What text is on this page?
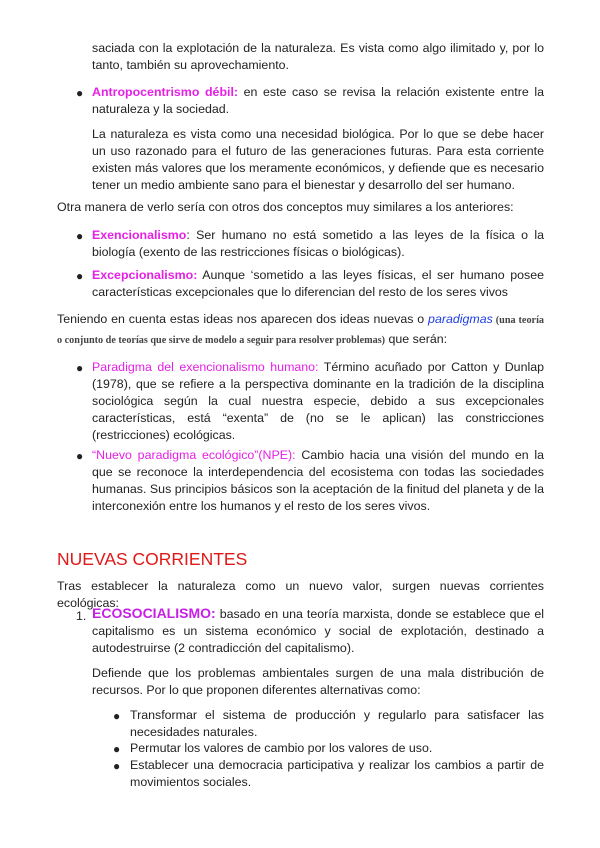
saciada con la explotación de la naturaleza. Es vista como algo ilimitado y, por lo tanto, también su aprovechamiento.

● Antropocentrismo débil: en este caso se revisa la relación existente entre la naturaleza y la sociedad.

La naturaleza es vista como una necesidad biológica. Por lo que se debe hacer un uso razonado para el futuro de las generaciones futuras. Para esta corriente existen más valores que los meramente económicos, y defiende que es necesario tener un medio ambiente sano para el bienestar y desarrollo del ser humano.

Otra manera de verlo sería con otros dos conceptos muy similares a los anteriores:

● Exencionalismo: Ser humano no está sometido a las leyes de la física o la biología (exento de las restricciones físicas o biológicas).

● Excepcionalismo: Aunque ‘sometido a las leyes físicas, el ser humano posee características excepcionales que lo diferencian del resto de los seres vivos

Teniendo en cuenta estas ideas nos aparecen dos ideas nuevas o paradigmas (una teoría o conjunto de teorías que sirve de modelo a seguir para resolver problemas) que serán:

● Paradigma del exencionalismo humano: Término acuñado por Catton y Dunlap (1978), que se refiere a la perspectiva dominante en la tradición de la disciplina sociológica según la cual nuestra especie, debido a sus excepcionales características, está “exenta” de (no se le aplican) las constricciones (restricciones) ecológicas.

● “Nuevo paradigma ecológico”(NPE): Cambio hacia una visión del mundo en la que se reconoce la interdependencia del ecosistema con todas las sociedades humanas. Sus principios básicos son la aceptación de la finitud del planeta y de la interconexión entre los humanos y el resto de los seres vivos.

NUEVAS CORRIENTES

Tras establecer la naturaleza como un nuevo valor, surgen nuevas corrientes ecológicas:

1. ECOSOCIALISMO: basado en una teoría marxista, donde se establece que el capitalismo es un sistema económico y social de explotación, destinado a autodestruirse (2 contradicción del capitalismo).

Defiende que los problemas ambientales surgen de una mala distribución de recursos. Por lo que proponen diferentes alternativas como:

● Transformar el sistema de producción y regularlo para satisfacer las necesidades naturales.

● Permutar los valores de cambio por los valores de uso.

● Establecer una democracia participativa y realizar los cambios a partir de movimientos sociales.
